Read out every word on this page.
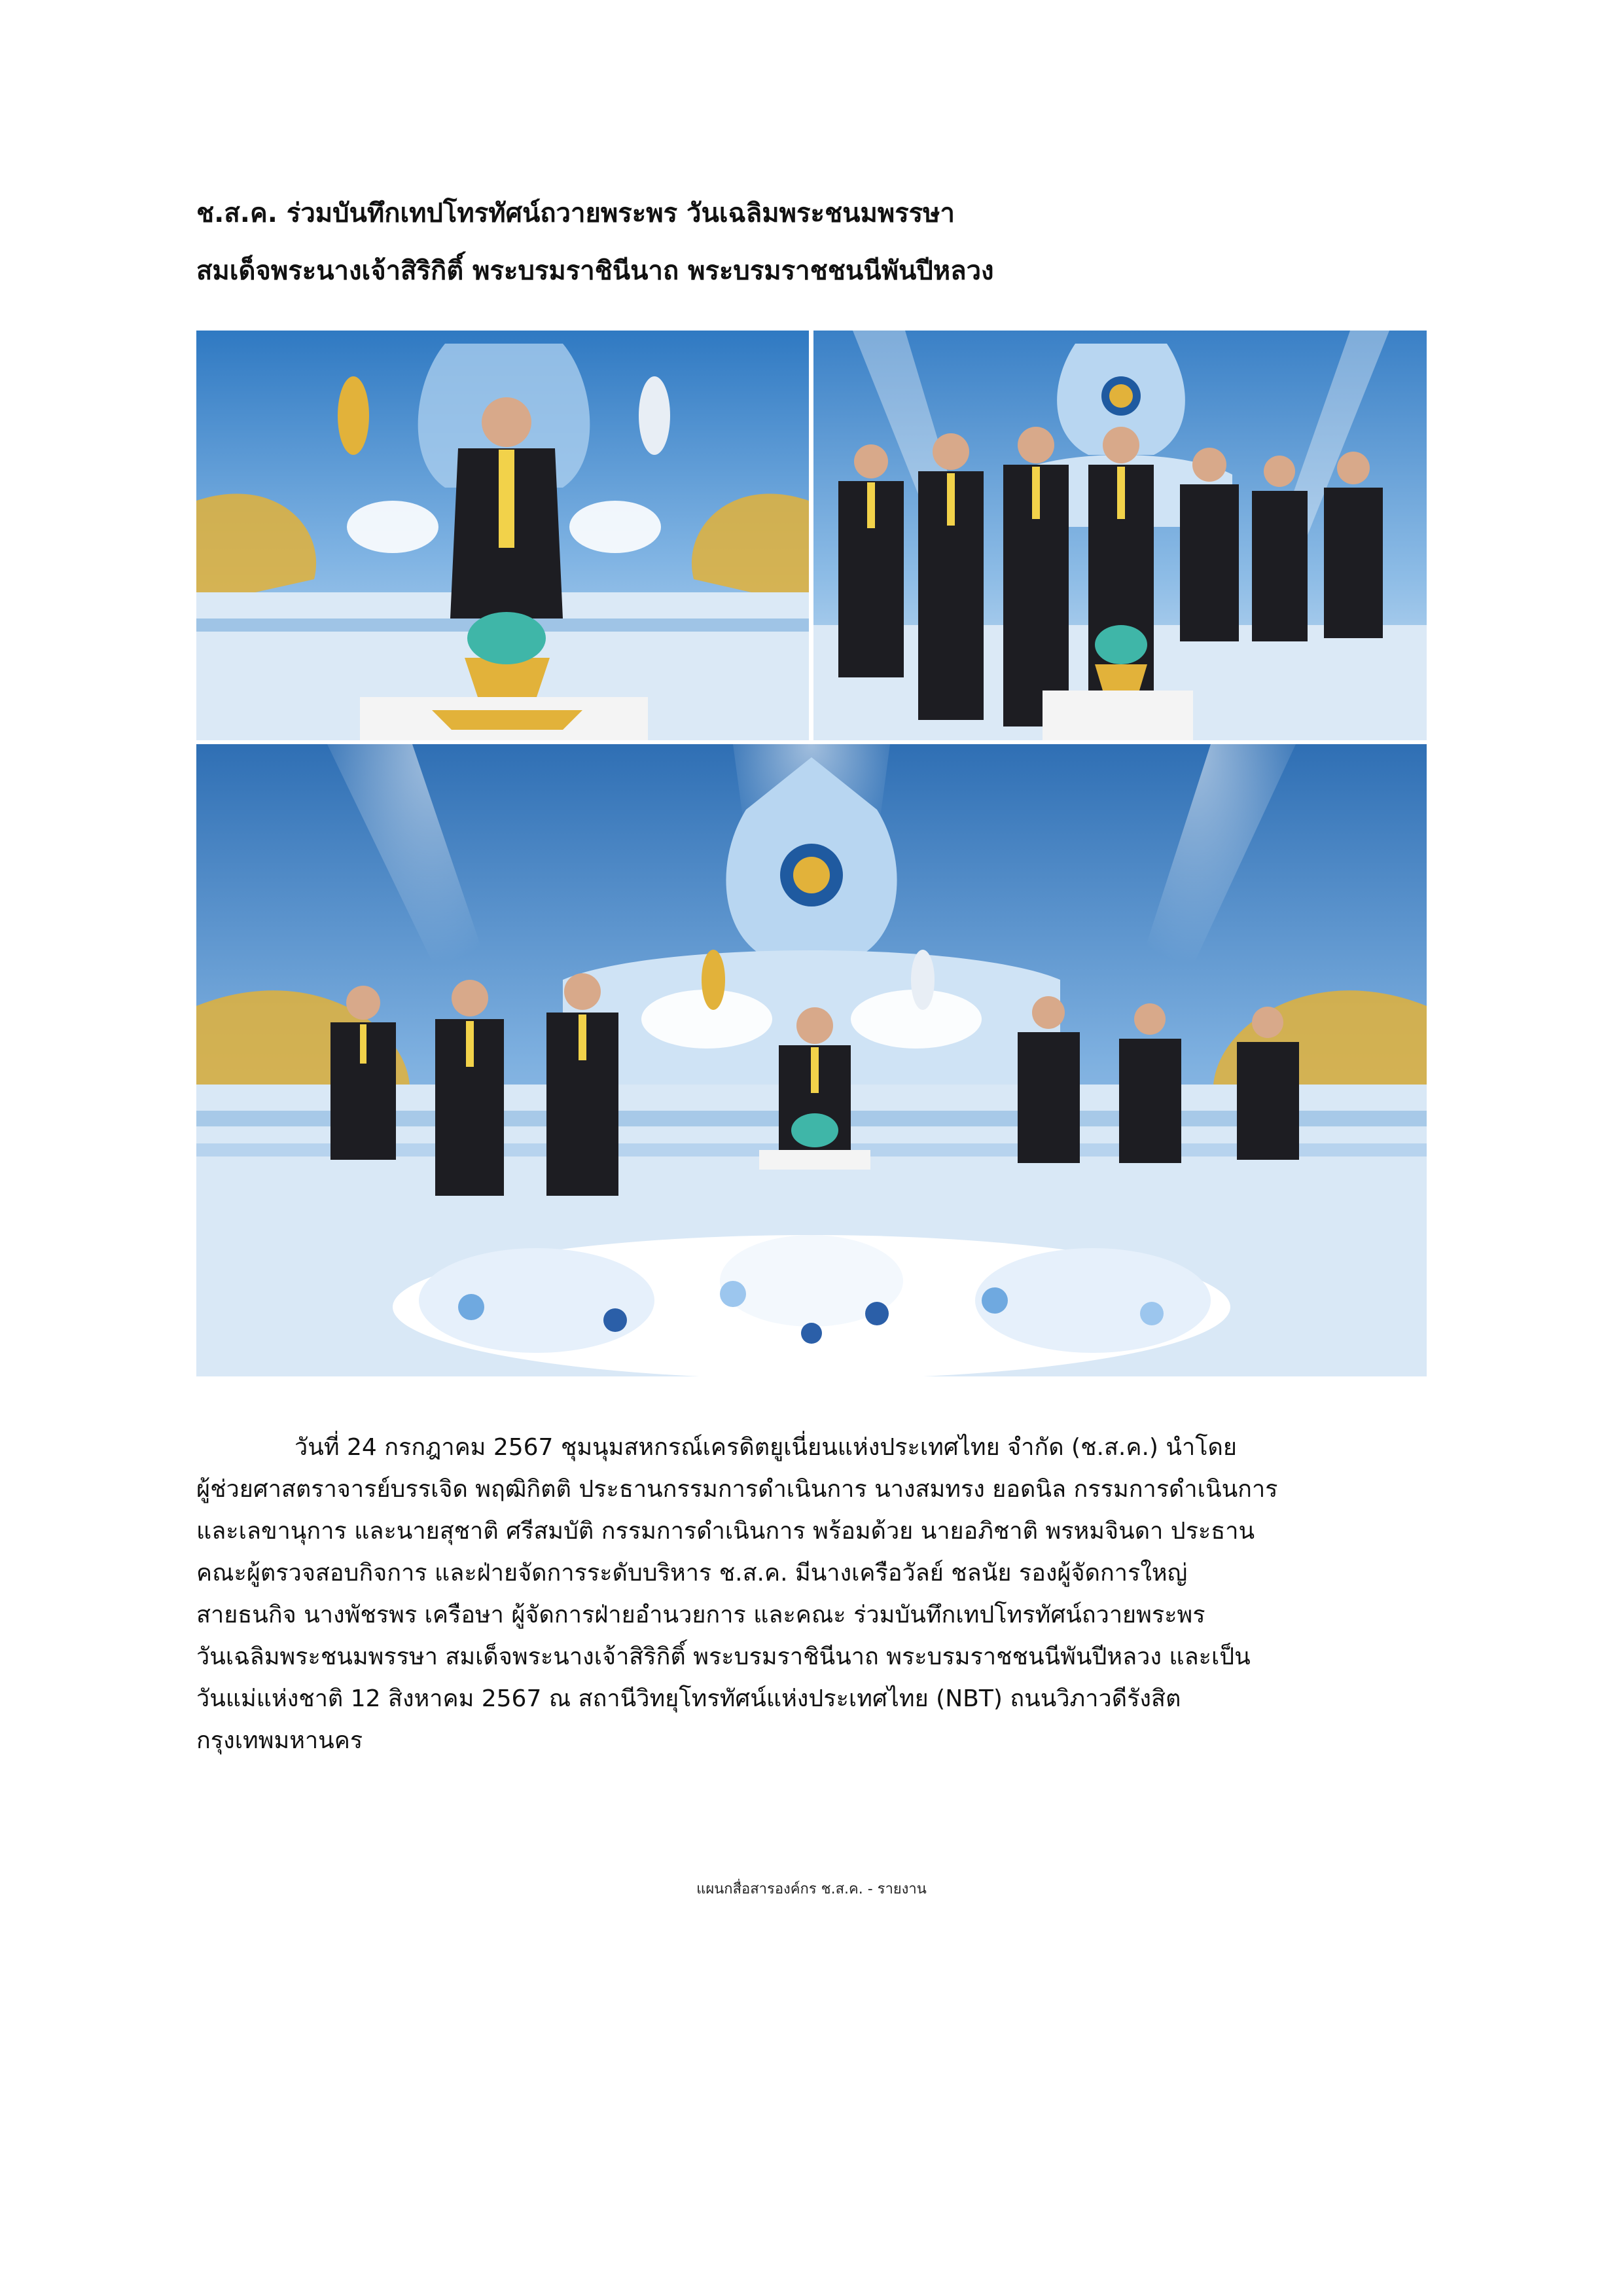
ช.ส.ค. ร่วมบันทึกเทปโทรทัศน์ถวายพระพร วันเฉลิมพระชนมพรรษา
สมเด็จพระนางเจ้าสิริกิติ์ พระบรมราชินีนาถ พระบรมราชชนนีพันปีหลวง
วันที่ 24 กรกฎาคม 2567 ชุมนุมสหกรณ์เครดิตยูเนี่ยนแห่งประเทศไทย จำกัด (ช.ส.ค.) นำโดย
ผู้ช่วยศาสตราจารย์บรรเจิด พฤฒิกิตติ ประธานกรรมการดำเนินการ นางสมทรง ยอดนิล กรรมการดำเนินการ
และเลขานุการ และนายสุชาติ ศรีสมบัติ กรรมการดำเนินการ พร้อมด้วย นายอภิชาติ พรหมจินดา ประธาน
คณะผู้ตรวจสอบกิจการ และฝ่ายจัดการระดับบริหาร ช.ส.ค. มีนางเครือวัลย์ ชลนัย รองผู้จัดการใหญ่
สายธนกิจ นางพัชรพร เครือษา ผู้จัดการฝ่ายอำนวยการ และคณะ ร่วมบันทึกเทปโทรทัศน์ถวายพระพร
วันเฉลิมพระชนมพรรษา สมเด็จพระนางเจ้าสิริกิติ์ พระบรมราชินีนาถ พระบรมราชชนนีพันปีหลวง และเป็น
วันแม่แห่งชาติ 12 สิงหาคม 2567 ณ สถานีวิทยุโทรทัศน์แห่งประเทศไทย (NBT) ถนนวิภาวดีรังสิต
กรุงเทพมหานคร
แผนกสื่อสารองค์กร ช.ส.ค. - รายงาน
